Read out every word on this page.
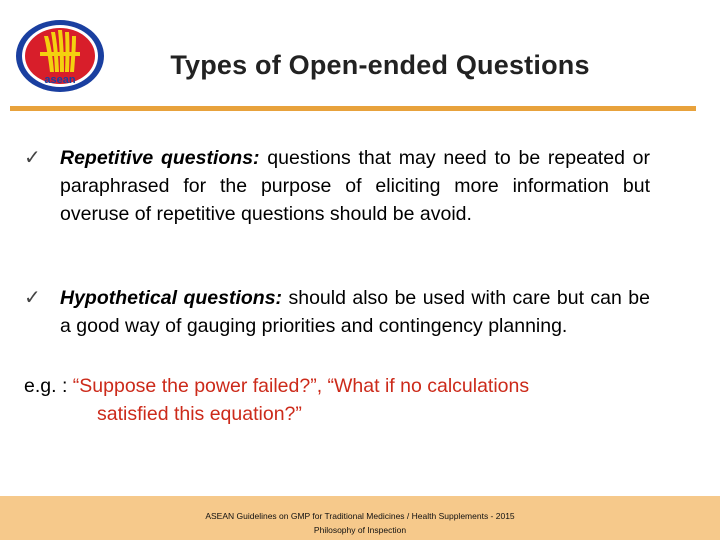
asean	Types of Open-ended Questions
✓ Repetitive questions: questions that may need to be repeated or paraphrased for the purpose of eliciting more information but overuse of repetitive questions should be avoid.
✓ Hypothetical questions: should also be used with care but can be a good way of gauging priorities and contingency planning.
e.g. : “Suppose the power failed?”, “What if no calculations
satisfied this equation?”
ASEAN Guidelines on GMP for Traditional Medicines / Health Supplements - 2015
Philosophy of Inspection
